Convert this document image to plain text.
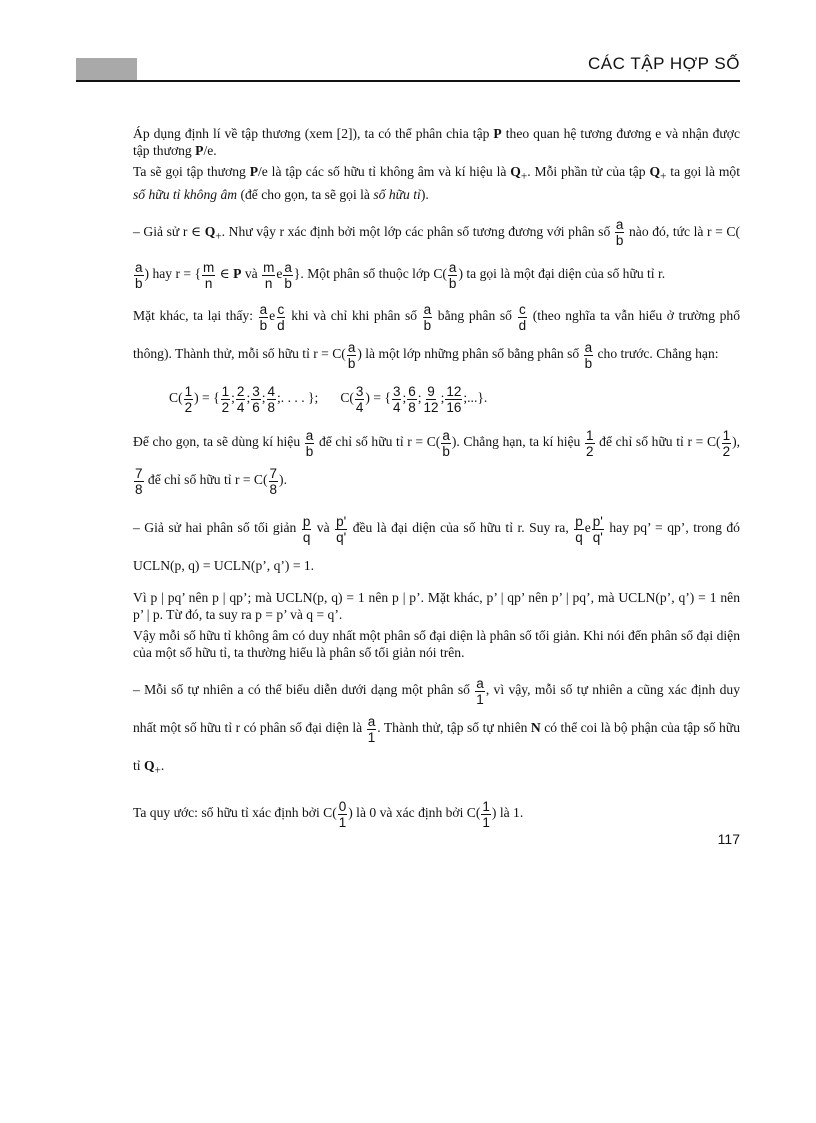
CÁC TẬP HỢP SỐ

Áp dụng định lí về tập thương (xem [2]), ta có thể phân chia tập P theo quan hệ tương đương e và nhận được tập thương P/e.

Ta sẽ gọi tập thương P/e là tập các số hữu tỉ không âm và kí hiệu là $Q_+$. Mỗi phần tử của tập $Q_+$ ta gọi là một số hữu tỉ không âm (để cho gọn, ta sẽ gọi là số hữu tỉ).

– Giả sử r ∈ $Q_+$. Như vậy r xác định bởi một lớp các phân số tương đương với phân số $\frac{a}{b}$ nào đó, tức là r = C(
$\frac{a}{b}$ ) hay r = { $\frac{m}{n}$ ∈ P và $\frac{m}{n}$ e $\frac{a}{b}$ }. Một phân số thuộc lớp $C( \frac{a}{b}$ ) ta gọi là một đại diện của số hữu tỉ r.

Mặt khác, ta lại thấy: $\frac{a}{b}$ e $\frac{c}{d}$ khi và chỉ khi phân số $\frac{a}{b}$ bằng phân số $\frac{c}{d}$ (theo nghĩa ta vẫn hiểu ở trường phổ thông). Thành thử, mỗi số hữu tỉ $r = C( \frac{a}{b}$ ) là một lớp những phân số bằng phân số $\frac{a}{b}$ cho trước. Chẳng hạn:

$C( \frac{1}{2}$ ) = { $\frac{1}{2}$ ; $\frac{2}{4}$ ; $\frac{3}{6}$ ; $\frac{4}{8}$ ;. . . . }; $C( \frac{3}{4}$ ) = { $\frac{3}{4}$ ; $\frac{6}{8}$ ; $\frac{9}{12}$ ; $\frac{12}{16}$ ;...}.

Để cho gọn, ta sẽ dùng kí hiệu $\frac{a}{b}$ để chỉ số hữu tỉ $r = C( \frac{a}{b}$ ). Chẳng hạn, ta kí hiệu $\frac{1}{2}$ để chỉ số hữu tỉ $r = C( \frac{1}{2}$ ),
$\frac{7}{8}$ để chỉ số hữu tỉ $r = C( \frac{7}{8}$ ).

– Giả sử hai phân số tối giản $\frac{p}{q}$ và $\frac{p'}{q'}$ đều là đại diện của số hữu tỉ r. Suy ra, $\frac{p}{q}$ e $\frac{p'}{q'}$ hay pq’ = qp’, trong đó UCLN(p, q) = UCLN(p’, q’) = 1.

Vì p | pq’ nên p | qp’; mà UCLN(p, q) = 1 nên p | p’. Mặt khác, p’ | qp’ nên p’ | pq’, mà UCLN(p’, q’) = 1 nên p’ | p. Từ đó, ta suy ra p = p’ và q = q’.

Vậy mỗi số hữu tỉ không âm có duy nhất một phân số đại diện là phân số tối giản. Khi nói đến phân số đại diện của một số hữu tỉ, ta thường hiểu là phân số tối giản nói trên.

– Mỗi số tự nhiên a có thể biểu diễn dưới dạng một phân số $\frac{a}{1}$ , vì vậy, mỗi số tự nhiên a cũng xác định duy nhất một số hữu tỉ r có phân số đại diện là $\frac{a}{1}$ . Thành thử, tập số tự nhiên N có thể coi là bộ phận của tập số hữu tỉ $Q_+$.

Ta quy ước: số hữu tỉ xác định bởi $C( \frac{0}{1}$ ) là 0 và xác định bởi $C( \frac{1}{1}$ ) là 1.

117
